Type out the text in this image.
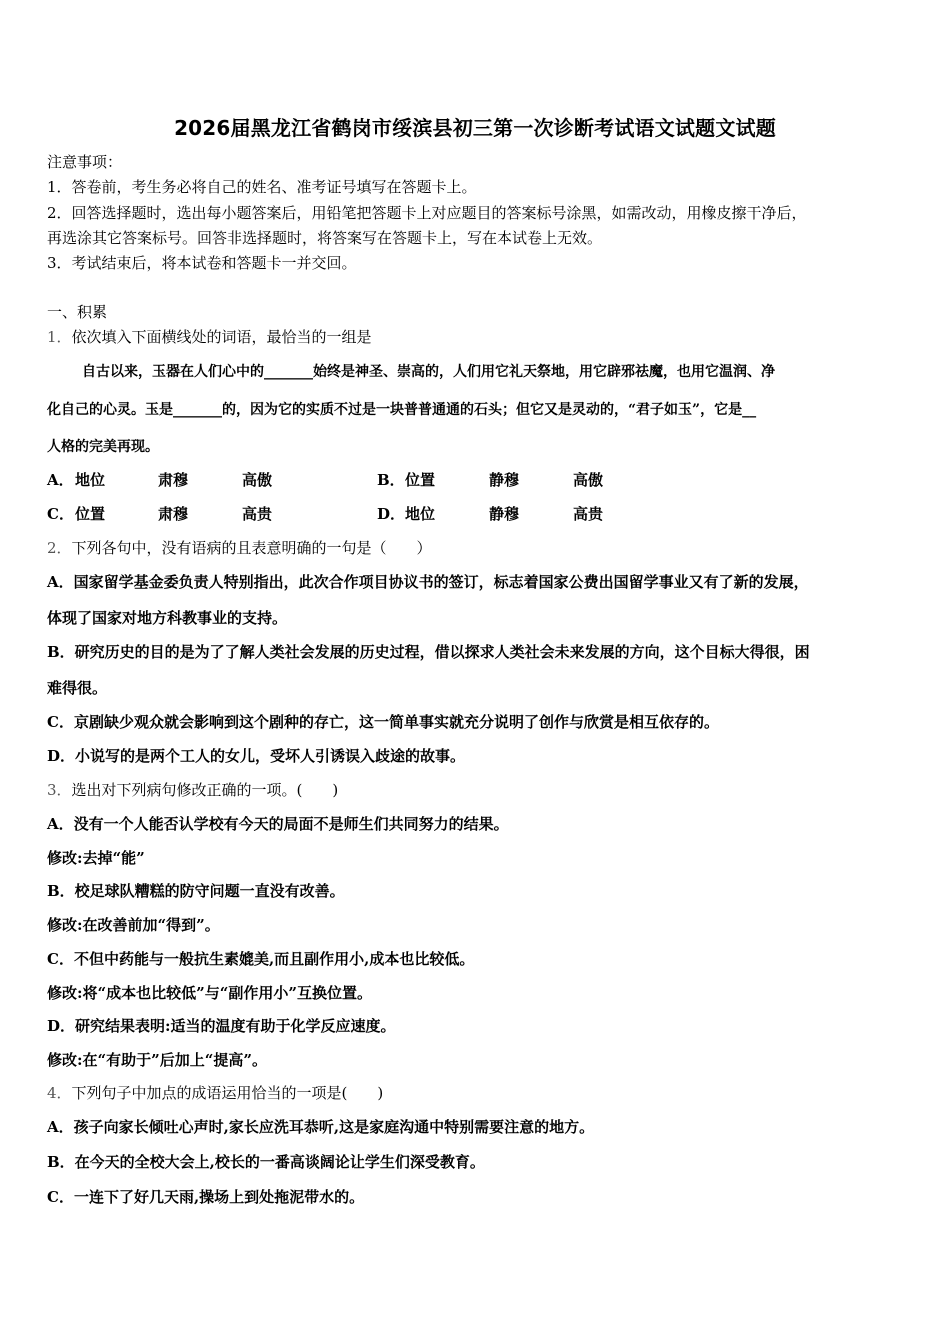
2026届黑龙江省鹤岗市绥滨县初三第一次诊断考试语文试题文试题
注意事项：
1．答卷前，考生务必将自己的姓名、准考证号填写在答题卡上。
2．回答选择题时，选出每小题答案后，用铅笔把答题卡上对应题目的答案标号涂黑，如需改动，用橡皮擦干净后，
再选涂其它答案标号。回答非选择题时，将答案写在答题卡上，写在本试卷上无效。
3．考试结束后，将本试卷和答题卡一并交回。
一、积累
1．依次填入下面横线处的词语，最恰当的一组是
自古以来，玉器在人们心中的_______始终是神圣、崇高的，人们用它礼天祭地，用它辟邪祛魔，也用它温润、净
化自己的心灵。玉是_______的，因为它的实质不过是一块普普通通的石头；但它又是灵动的，“君子如玉”，它是__
人格的完美再现。
A． 地位	肃穆	高傲	B． 位置	静穆	高傲
C． 位置	肃穆	高贵	D． 地位	静穆	高贵
2．下列各句中，没有语病的且表意明确的一句是（　　）
A．国家留学基金委负责人特别指出，此次合作项目协议书的签订，标志着国家公费出国留学事业又有了新的发展，
体现了国家对地方科教事业的支持。
B．研究历史的目的是为了了解人类社会发展的历史过程，借以探求人类社会未来发展的方向，这个目标大得很，困
难得很。
C．京剧缺少观众就会影响到这个剧种的存亡，这一简单事实就充分说明了创作与欣赏是相互依存的。
D．小说写的是两个工人的女儿，受坏人引诱误入歧途的故事。
3．选出对下列病句修改正确的一项。(　　)
A．没有一个人能否认学校有今天的局面不是师生们共同努力的结果。
修改:去掉“能”
B．校足球队糟糕的防守问题一直没有改善。
修改:在改善前加“得到”。
C．不但中药能与一般抗生素媲美,而且副作用小,成本也比较低。
修改:将“成本也比较低”与“副作用小”互换位置。
D．研究结果表明:适当的温度有助于化学反应速度。
修改:在“有助于”后加上“提高”。
4．下列句子中加点的成语运用恰当的一项是(　　)
A．孩子向家长倾吐心声时,家长应洗耳恭听,这是家庭沟通中特别需要注意的地方。
B．在今天的全校大会上,校长的一番高谈阔论让学生们深受教育。
C．一连下了好几天雨,操场上到处拖泥带水的。
